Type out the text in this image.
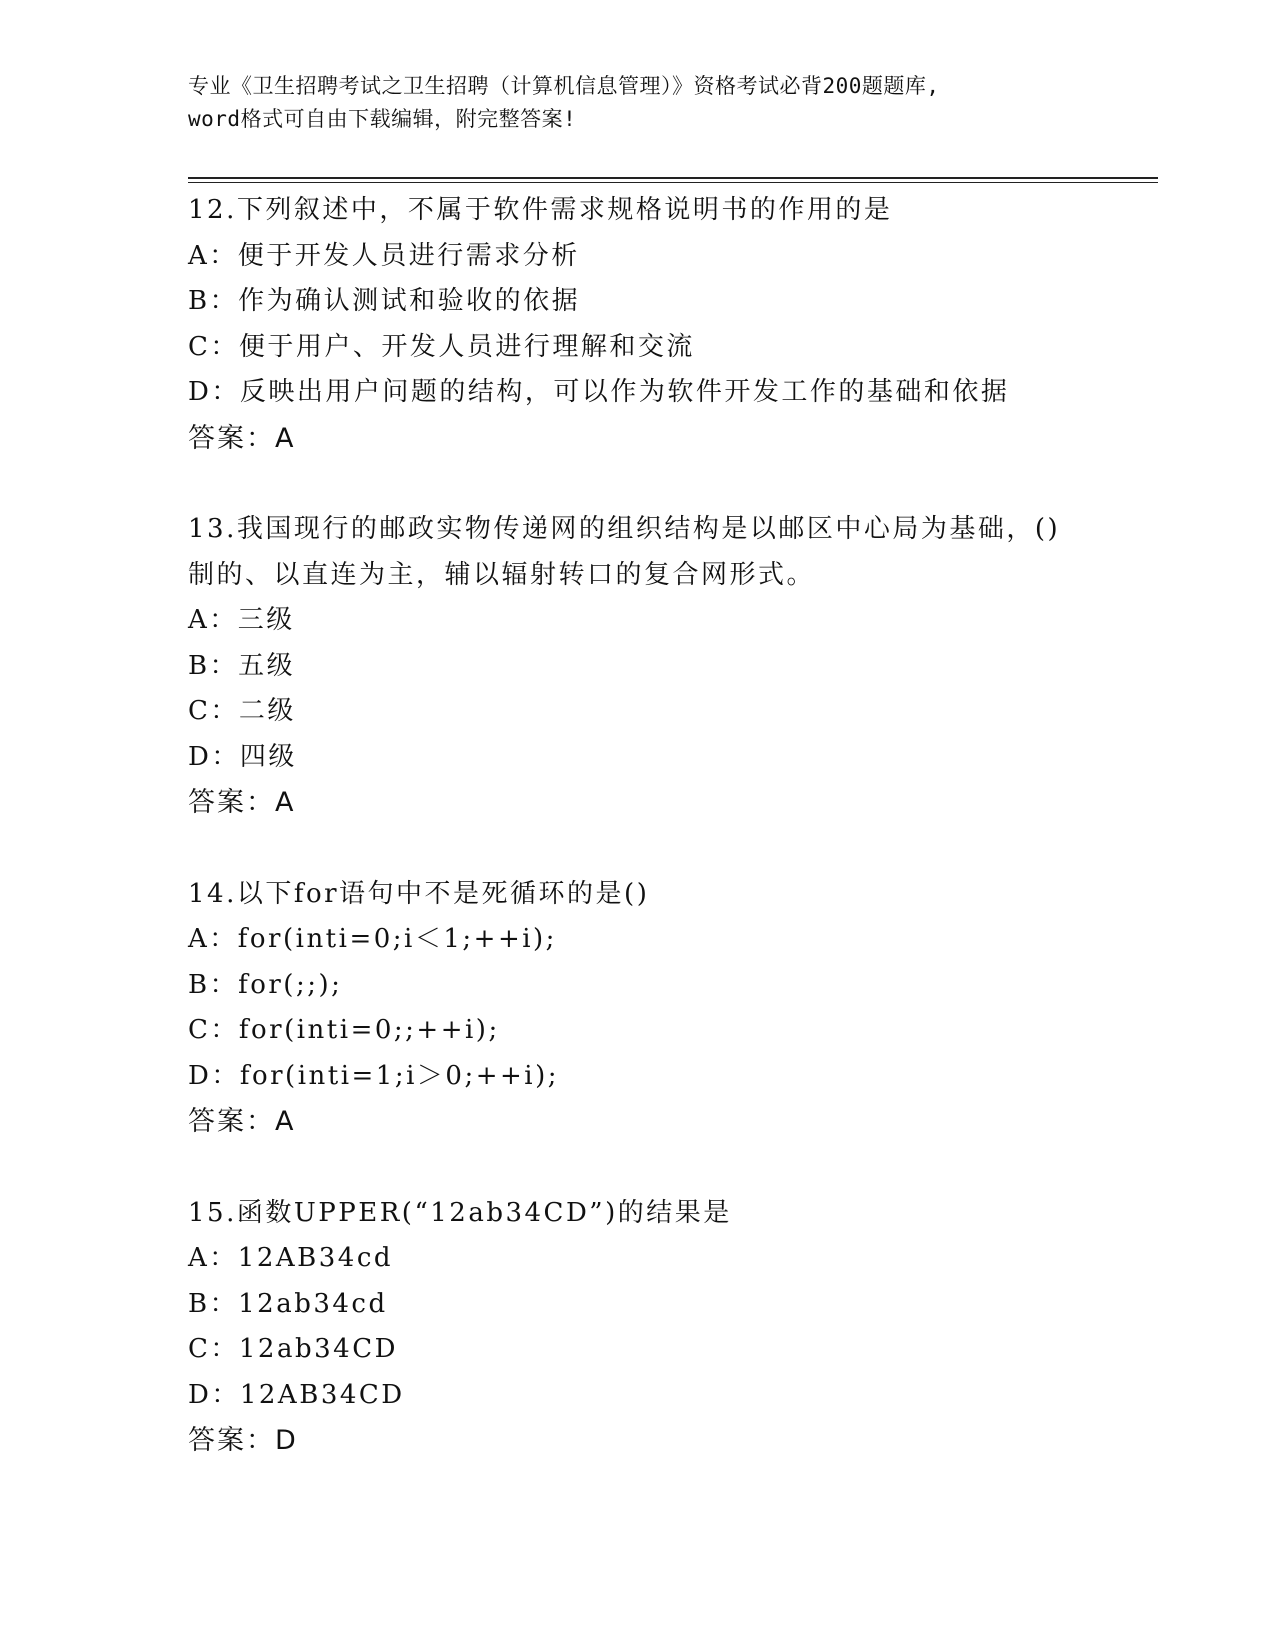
专业《卫生招聘考试之卫生招聘（计算机信息管理）》资格考试必背200题题库,
word格式可自由下载编辑，附完整答案!
12.下列叙述中，不属于软件需求规格说明书的作用的是
A：便于开发人员进行需求分析
B：作为确认测试和验收的依据
C：便于用户、开发人员进行理解和交流
D：反映出用户问题的结构，可以作为软件开发工作的基础和依据
答案：A
13.我国现行的邮政实物传递网的组织结构是以邮区中心局为基础，()
制的、以直连为主，辅以辐射转口的复合网形式。
A：三级
B：五级
C：二级
D：四级
答案：A
14.以下for语句中不是死循环的是()
A：for(inti=0;i＜1;++i);
B：for(;;);
C：for(inti=0;;++i);
D：for(inti=1;i＞0;++i);
答案：A
15.函数UPPER(“12ab34CD”)的结果是
A：12AB34cd
B：12ab34cd
C：12ab34CD
D：12AB34CD
答案：D
